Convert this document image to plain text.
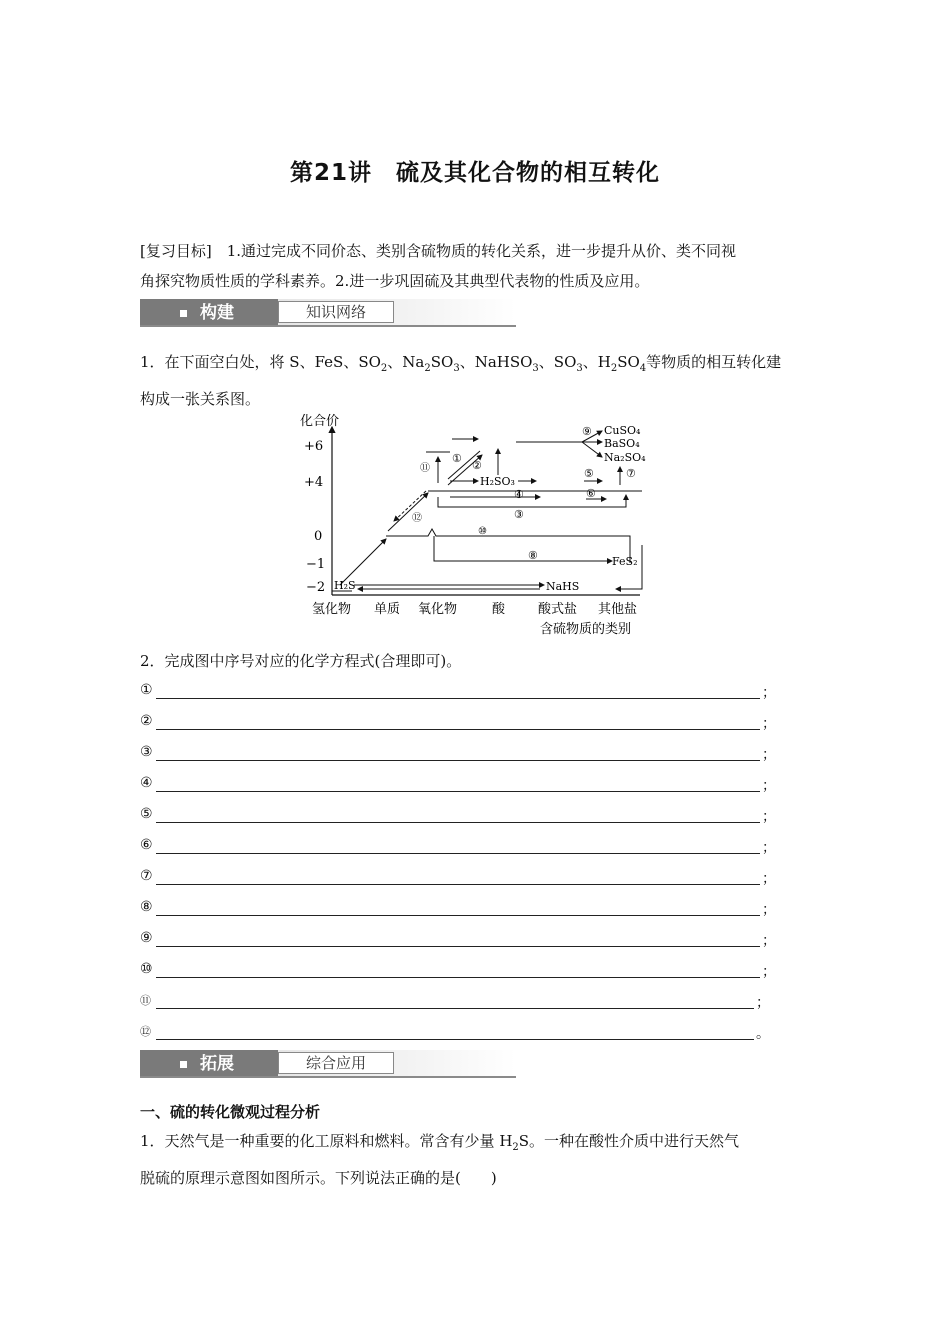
第21讲　硫及其化合物的相互转化
[复习目标]　 1.通过完成不同价态、类别含硫物质的转化关系，进一步提升从价、类不同视
角探究物质性质的学科素养。2.进一步巩固硫及其典型代表物的性质及应用。
构建	知识网络
1．在下面空白处，将 S、FeS、$SO_2$、$Na_2SO_3$、NaHSO$_3$、$SO_3$、$H_2SO_4$等物质的相互转化建
构成一张关系图。
化合价
+6
+4
0
−1
−2
氢化物 单质 氧化物	酸	酸式盐 其他盐
含硫物质的类别
⑫
⑪
①
②
H₂SO₃
⑨ CuSO₄
BaSO₄
Na₂SO₄
⑦
⑤
④	⑥
③
⑩
⑧	FeS₂
H₂S	NaHS
2．完成图中序号对应的化学方程式(合理即可)。
①	；
②	；
③	；
④	；
⑤	；
⑥	；
⑦	；
⑧	；
⑨	；
⑩	；
⑪	；
⑫	。
拓展	综合应用
一、硫的转化微观过程分析
1．天然气是一种重要的化工原料和燃料。常含有少量 $H_2S$。一种在酸性介质中进行天然气
脱硫的原理示意图如图所示。下列说法正确的是(　　)
